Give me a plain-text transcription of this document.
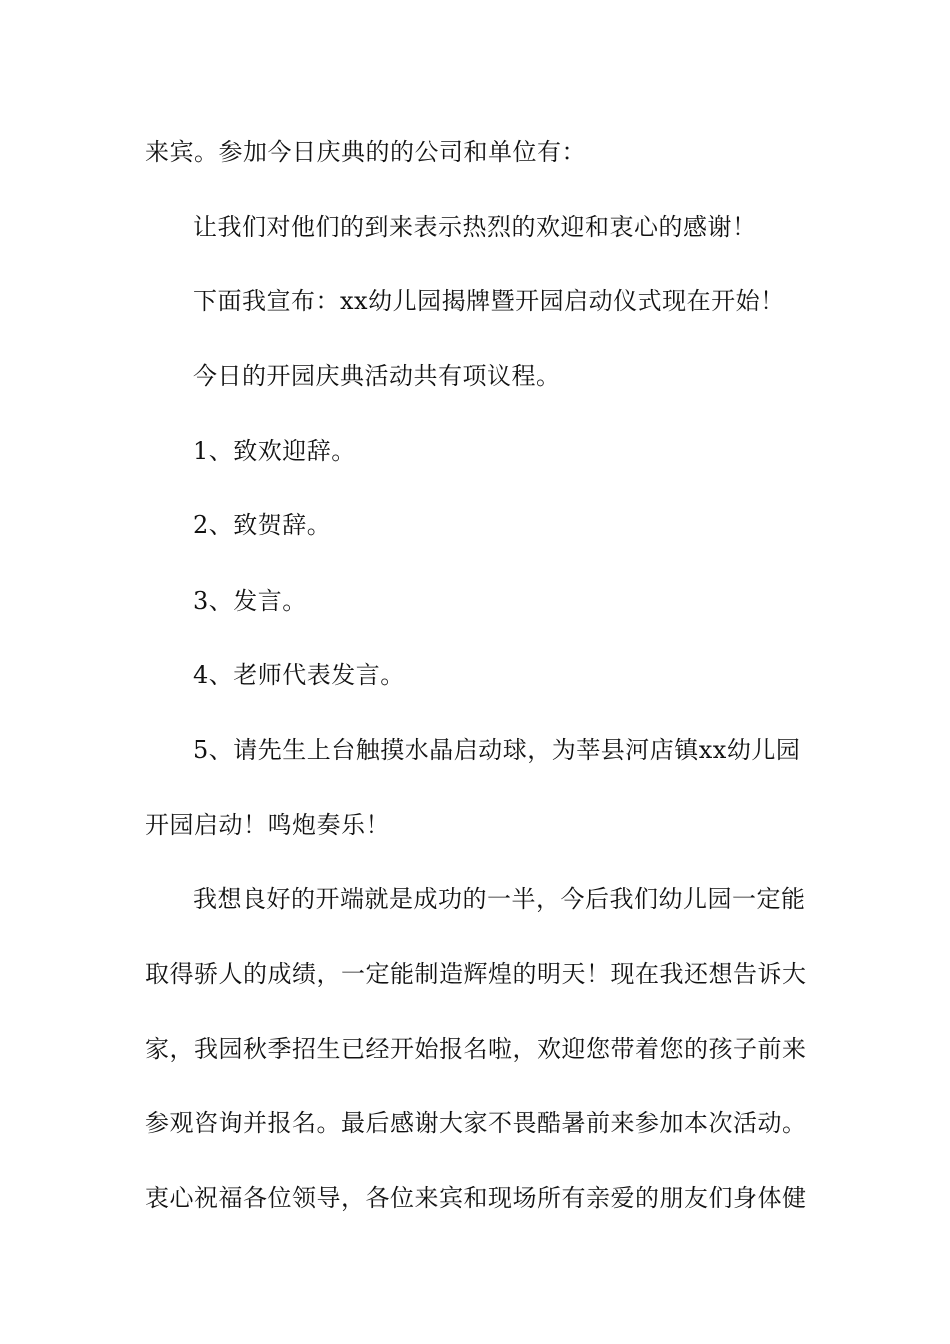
来宾。参加今日庆典的的公司和单位有：
让我们对他们的到来表示热烈的欢迎和衷心的感谢！
下面我宣布：xx幼儿园揭牌暨开园启动仪式现在开始！
今日的开园庆典活动共有项议程。
1、致欢迎辞。
2、致贺辞。
3、发言。
4、老师代表发言。
5、请先生上台触摸水晶启动球，为莘县河店镇xx幼儿园
开园启动！鸣炮奏乐！
我想良好的开端就是成功的一半，今后我们幼儿园一定能
取得骄人的成绩，一定能制造辉煌的明天！现在我还想告诉大
家，我园秋季招生已经开始报名啦，欢迎您带着您的孩子前来
参观咨询并报名。最后感谢大家不畏酷暑前来参加本次活动。
衷心祝福各位领导，各位来宾和现场所有亲爱的朋友们身体健
